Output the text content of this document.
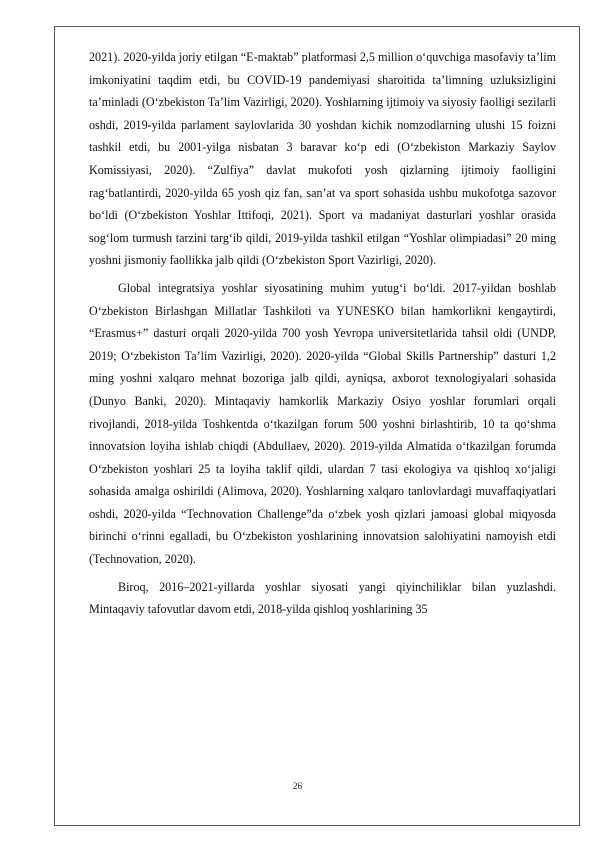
2021). 2020-yilda joriy etilgan “E-maktab” platformasi 2,5 million o‘quvchiga masofaviy ta’lim imkoniyatini taqdim etdi, bu COVID-19 pandemiyasi sharoitida ta’limning uzluksizligini ta’minladi (O‘zbekiston Ta’lim Vazirligi, 2020). Yoshlarning ijtimoiy va siyosiy faolligi sezilarli oshdi, 2019-yilda parlament saylovlarida 30 yoshdan kichik nomzodlarning ulushi 15 foizni tashkil etdi, bu 2001-yilga nisbatan 3 baravar ko‘p edi (O‘zbekiston Markaziy Saylov Komissiyasi, 2020). “Zulfiya” davlat mukofoti yosh qizlarning ijtimoiy faolligini rag‘batlantirdi, 2020-yilda 65 yosh qiz fan, san’at va sport sohasida ushbu mukofotga sazovor bo‘ldi (O‘zbekiston Yoshlar Ittifoqi, 2021). Sport va madaniyat dasturlari yoshlar orasida sog‘lom turmush tarzini targ‘ib qildi, 2019-yilda tashkil etilgan “Yoshlar olimpiadasi” 20 ming yoshni jismoniy faollikka jalb qildi (O‘zbekiston Sport Vazirligi, 2020).

Global integratsiya yoshlar siyosatining muhim yutug‘i bo‘ldi. 2017-yildan boshlab O‘zbekiston Birlashgan Millatlar Tashkiloti va YUNESKO bilan hamkorlikni kengaytirdi, “Erasmus+” dasturi orqali 2020-yilda 700 yosh Yevropa universitetlarida tahsil oldi (UNDP, 2019; O‘zbekiston Ta’lim Vazirligi, 2020). 2020-yilda “Global Skills Partnership” dasturi 1,2 ming yoshni xalqaro mehnat bozoriga jalb qildi, ayniqsa, axborot texnologiyalari sohasida (Dunyo Banki, 2020). Mintaqaviy hamkorlik Markaziy Osiyo yoshlar forumlari orqali rivojlandi, 2018-yilda Toshkentda o‘tkazilgan forum 500 yoshni birlashtirib, 10 ta qo‘shma innovatsion loyiha ishlab chiqdi (Abdullaev, 2020). 2019-yilda Almatida o‘tkazilgan forumda O‘zbekiston yoshlari 25 ta loyiha taklif qildi, ulardan 7 tasi ekologiya va qishloq xo‘jaligi sohasida amalga oshirildi (Alimova, 2020). Yoshlarning xalqaro tanlovlardagi muvaffaqiyatlari oshdi, 2020-yilda “Technovation Challenge”da o‘zbek yosh qizlari jamoasi global miqyosda birinchi o‘rinni egalladi, bu O‘zbekiston yoshlarining innovatsion salohiyatini namoyish etdi (Technovation, 2020).

Biroq, 2016–2021-yillarda yoshlar siyosati yangi qiyinchiliklar bilan yuzlashdi. Mintaqaviy tafovutlar davom etdi, 2018-yilda qishloq yoshlarining 35

26
